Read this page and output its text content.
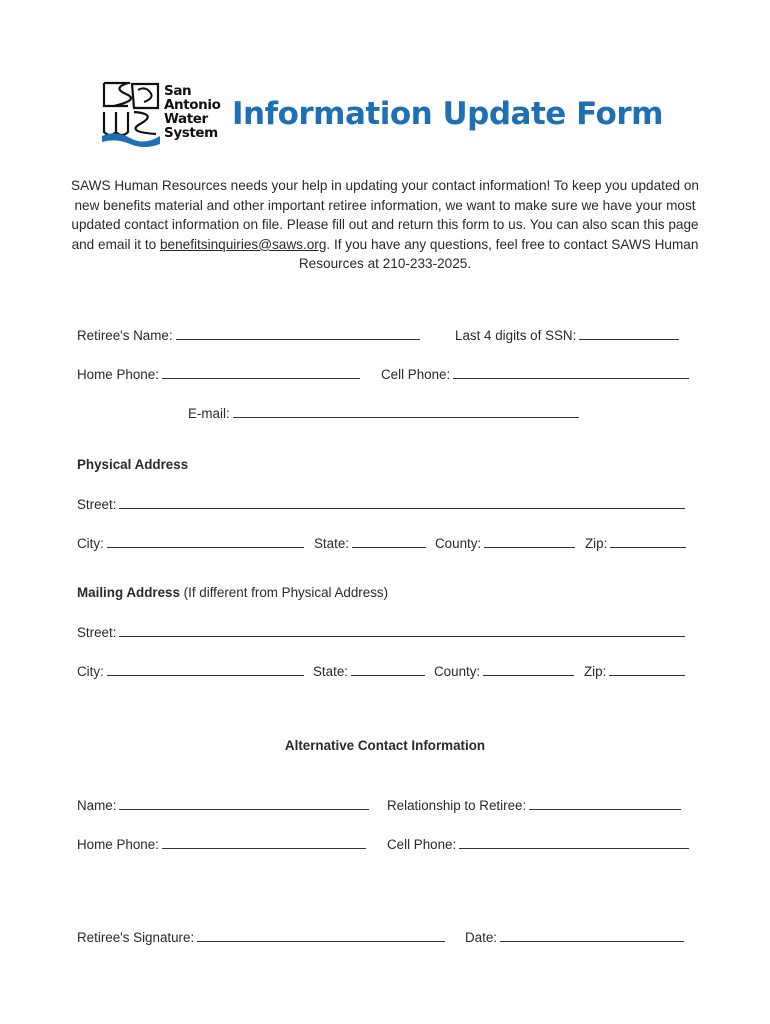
San
Antonio
Water
System
Information Update Form
SAWS Human Resources needs your help in updating your contact information! To keep you updated on new benefits material and other important retiree information, we want to make sure we have your most updated contact information on file. Please fill out and return this form to us. You can also scan this page and email it to benefitsinquiries@saws.org. If you have any questions, feel free to contact SAWS Human Resources at 210-233-2025.
Retiree's Name:	Last 4 digits of SSN:
Home Phone:	Cell Phone:
E-mail:
Physical Address
Street:
City:	State:	County:	Zip:
Mailing Address (If different from Physical Address)
Street:
City:	State:	County:	Zip:
Alternative Contact Information
Name:	Relationship to Retiree:
Home Phone:	Cell Phone:
Retiree's Signature:	Date:
